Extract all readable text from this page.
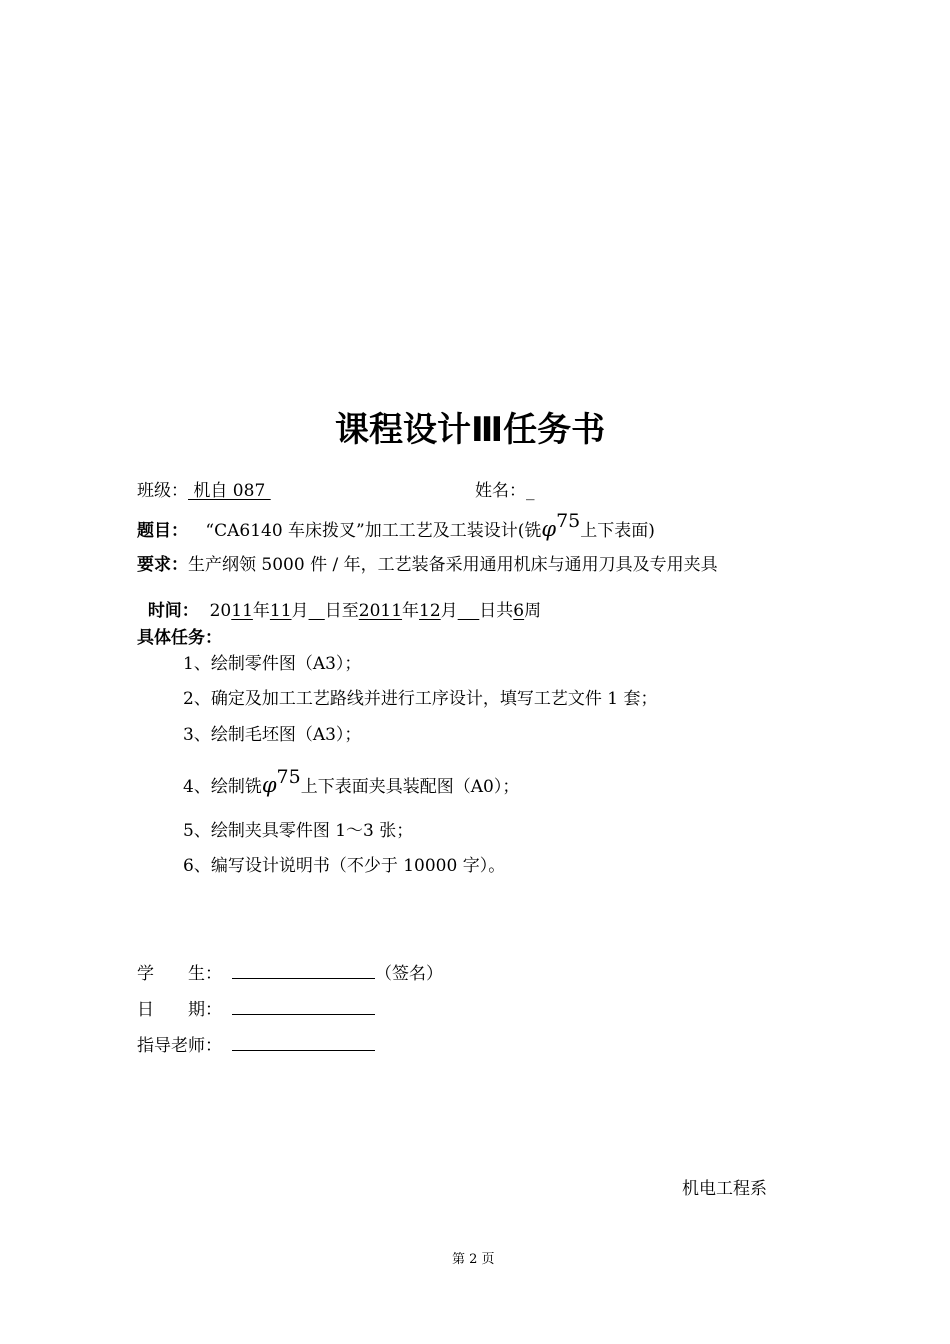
课程设计Ⅲ任务书
班级： 机自 087	姓名：_
题目： “CA6140 车床拨叉”加工工艺及工装设计(铣φ75上下表面)
要求：生产纲领 5000 件 / 年，工艺装备采用通用机床与通用刀具及专用夹具

时间：  2011年11月 日至2011年12月 日共6周

具体任务：
1、绘制零件图（A3）；
2、确定及加工工艺路线并进行工序设计，填写工艺文件 1 套；
3、绘制毛坯图（A3）；
4、绘制铣φ75上下表面夹具装配图（A0）；
5、绘制夹具零件图 1～3 张；
6、编写设计说明书（不少于 10000 字）。
学　　生：	（签名）
日　　期：
指导老师：
机电工程系
第 2 页
